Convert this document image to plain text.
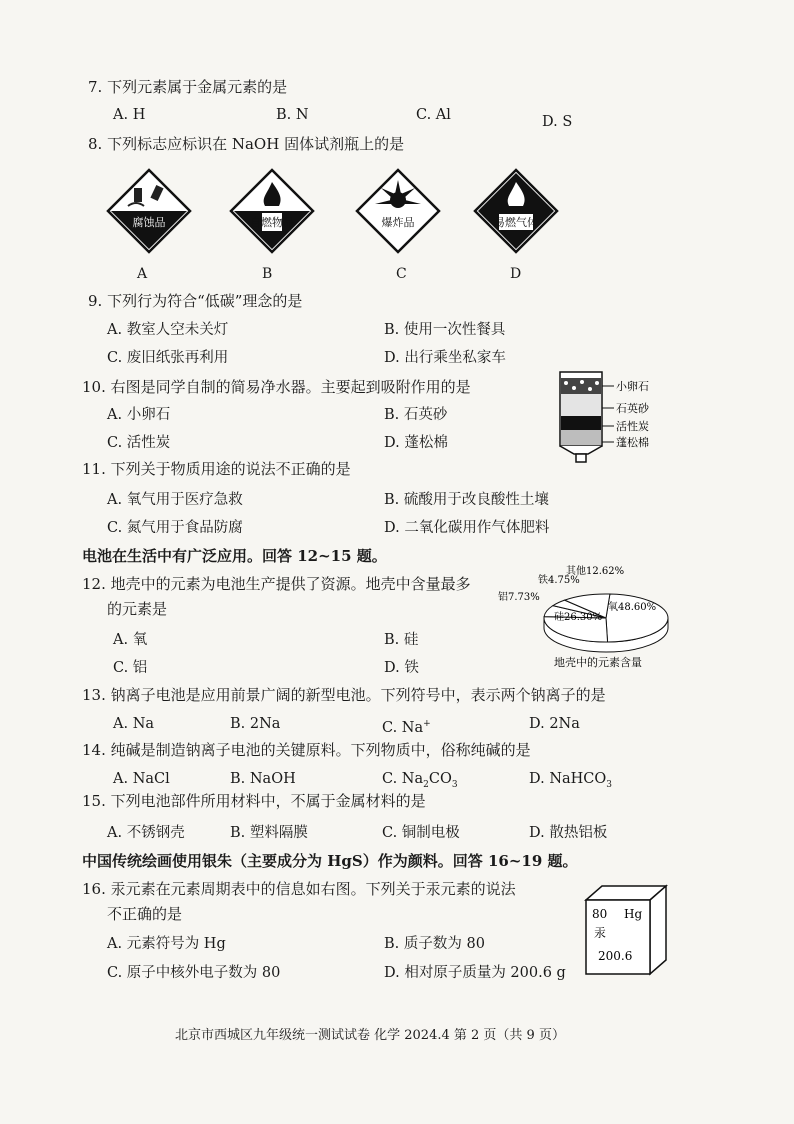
7. 下列元素属于金属元素的是
A. H	B. N	C. Al	D. S
8. 下列标志应标识在 NaOH 固体试剂瓶上的是
腐蚀品	自燃物品	爆炸品	易燃气体
A	B	C	D
9. 下列行为符合“低碳”理念的是
A. 教室人空未关灯	B. 使用一次性餐具
C. 废旧纸张再利用	D. 出行乘坐私家车
10. 右图是同学自制的简易净水器。主要起到吸附作用的是
A. 小卵石	B. 石英砂
C. 活性炭	D. 蓬松棉
小卵石
石英砂
活性炭
蓬松棉
11. 下列关于物质用途的说法不正确的是
A. 氧气用于医疗急救	B. 硫酸用于改良酸性土壤
C. 氮气用于食品防腐	D. 二氧化碳用作气体肥料
电池在生活中有广泛应用。回答 12~15 题。
12. 地壳中的元素为电池生产提供了资源。地壳中含量最多
的元素是
A. 氧	B. 硅
C. 铝	D. 铁
铁4.75%
铝7.73%
其他12.62%
氧48.60%
硅26.30%
地壳中的元素含量
13. 钠离子电池是应用前景广阔的新型电池。下列符号中，表示两个钠离子的是
A. Na	B. 2Na	C. Na+	D. 2Na
14. 纯碱是制造钠离子电池的关键原料。下列物质中，俗称纯碱的是
A. NaCl	B. NaOH	C. $Na_2CO_3$	D. NaHCO$_3$
15. 下列电池部件所用材料中，不属于金属材料的是
A. 不锈钢壳	B. 塑料隔膜	C. 铜制电极	D. 散热铝板
中国传统绘画使用银朱（主要成分为 HgS）作为颜料。回答 16~19 题。
16. 汞元素在元素周期表中的信息如右图。下列关于汞元素的说法
不正确的是
A. 元素符号为 Hg	B. 质子数为 80
C. 原子中核外电子数为 80	D. 相对原子质量为 200.6 g
80 Hg
汞
200.6
北京市西城区九年级统一测试试卷 化学 2024.4 第 2 页（共 9 页）
